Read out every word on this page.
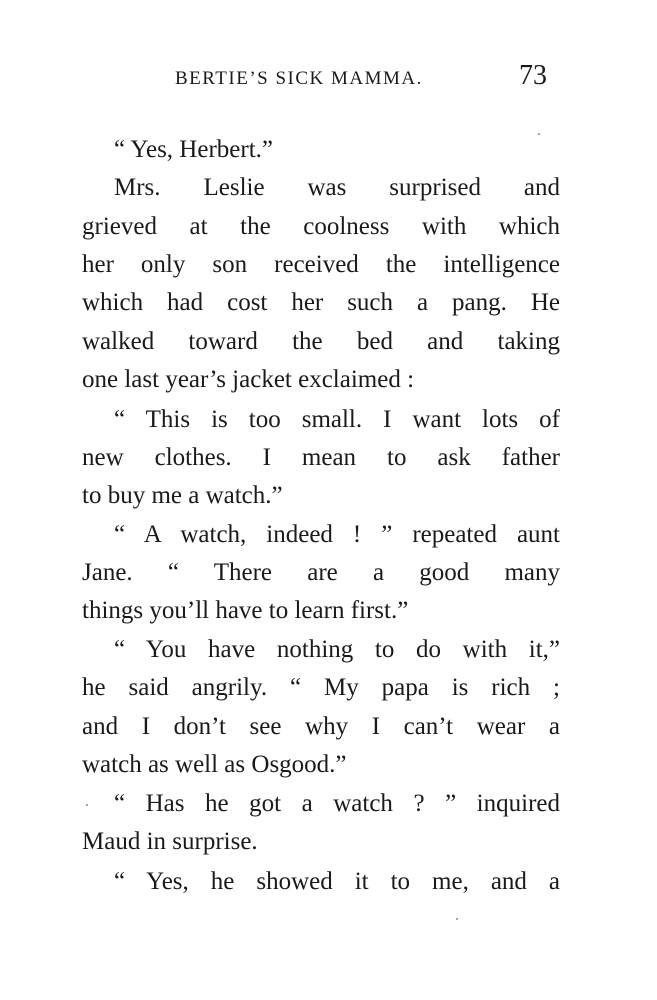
BERTIE’S SICK MAMMA.	73
“ Yes, Herbert.”
Mrs. Leslie was surprised and
grieved at the coolness with which
her only son received the intelligence
which had cost her such a pang. He
walked toward the bed and taking
one last year’s jacket exclaimed :
“ This is too small. I want lots of
new clothes. I mean to ask father
to buy me a watch.”
“ A watch, indeed ! ” repeated aunt
Jane. “ There are a good many
things you’ll have to learn first.”
“ You have nothing to do with it,”
he said angrily. “ My papa is rich ;
and I don’t see why I can’t wear a
watch as well as Osgood.”
“ Has he got a watch ? ” inquired
Maud in surprise.
“ Yes, he showed it to me, and a
